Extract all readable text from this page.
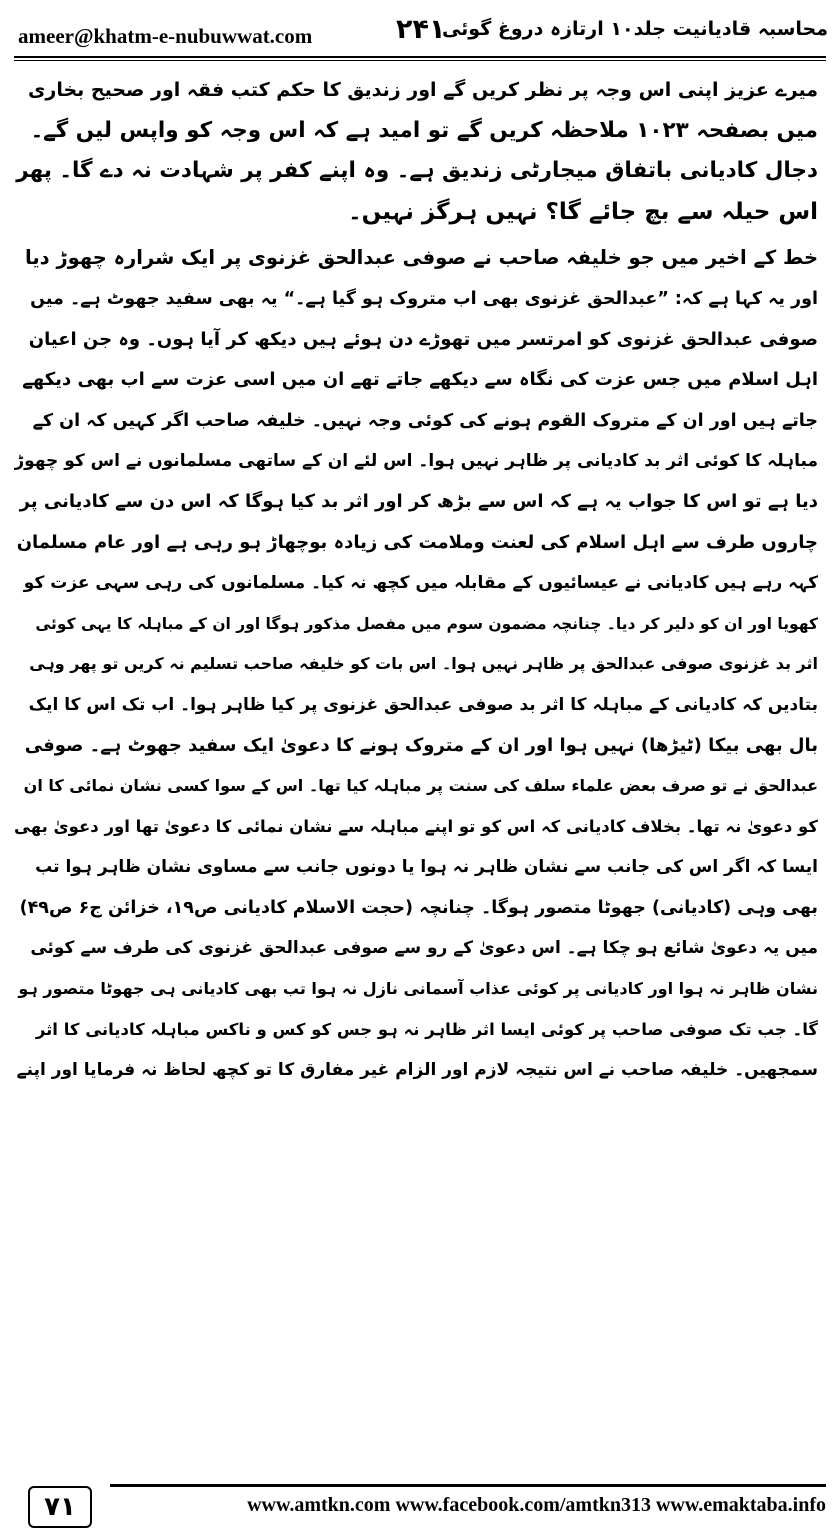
ameer@khatm-e-nubuwwat.com	۲۴۱
محاسبہ قادیانیت جلد۱۰ ارتازہ دروغ گوئی
میرے عزیز اپنی اس وجہ پر نظر کریں گے اور زندیق کا حکم کتب فقہ اور صحیح بخاری
میں بصفحہ ۱۰۲۳ ملاحظہ کریں گے تو امید ہے کہ اس وجہ کو واپس لیں گے۔
دجال کادیانی باتفاق میجارٹی زندیق ہے۔ وہ اپنے کفر پر شہادت نہ دے گا۔ پھر
اس حیلہ سے بچ جائے گا؟ نہیں ہرگز نہیں۔
خط کے اخیر میں جو خلیفہ صاحب نے صوفی عبدالحق غزنوی پر ایک شرارہ چھوڑ دیا
اور یہ کہا ہے کہ: ”عبدالحق غزنوی بھی اب متروک ہو گیا ہے۔“ یہ بھی سفید جھوٹ ہے۔ میں
صوفی عبدالحق غزنوی کو امرتسر میں تھوڑے دن ہوئے ہیں دیکھ کر آیا ہوں۔ وہ جن اعیان
اہل اسلام میں جس عزت کی نگاہ سے دیکھے جاتے تھے ان میں اسی عزت سے اب بھی دیکھے
جاتے ہیں اور ان کے متروک القوم ہونے کی کوئی وجہ نہیں۔ خلیفہ صاحب اگر کہیں کہ ان کے
مباہلہ کا کوئی اثر بد کادیانی پر ظاہر نہیں ہوا۔ اس لئے ان کے ساتھی مسلمانوں نے اس کو چھوڑ
دیا ہے تو اس کا جواب یہ ہے کہ اس سے بڑھ کر اور اثر بد کیا ہوگا کہ اس دن سے کادیانی پر
چاروں طرف سے اہل اسلام کی لعنت وملامت کی زیادہ بوچھاڑ ہو رہی ہے اور عام مسلمان
کہہ رہے ہیں کادیانی نے عیسائیوں کے مقابلہ میں کچھ نہ کیا۔ مسلمانوں کی رہی سہی عزت کو
کھویا اور ان کو دلیر کر دیا۔ چنانچہ مضمون سوم میں مفصل مذکور ہوگا اور ان کے مباہلہ کا یہی کوئی
اثر بد غزنوی صوفی عبدالحق پر ظاہر نہیں ہوا۔ اس بات کو خلیفہ صاحب تسلیم نہ کریں تو پھر وہی
بتادیں کہ کادیانی کے مباہلہ کا اثر بد صوفی عبدالحق غزنوی پر کیا ظاہر ہوا۔ اب تک اس کا ایک
بال بھی بیکا (ٹیڑھا) نہیں ہوا اور ان کے متروک ہونے کا دعویٰ ایک سفید جھوٹ ہے۔ صوفی
عبدالحق نے تو صرف بعض علماء سلف کی سنت پر مباہلہ کیا تھا۔ اس کے سوا کسی نشان نمائی کا ان
کو دعویٰ نہ تھا۔ بخلاف کادیانی کہ اس کو تو اپنے مباہلہ سے نشان نمائی کا دعویٰ تھا اور دعویٰ بھی
ایسا کہ اگر اس کی جانب سے نشان ظاہر نہ ہوا یا دونوں جانب سے مساوی نشان ظاہر ہوا تب
بھی وہی (کادیانی) جھوٹا متصور ہوگا۔ چنانچہ (حجت الاسلام کادیانی ص۱۹، خزائن ج۶ ص۴۹)
میں یہ دعویٰ شائع ہو چکا ہے۔ اس دعویٰ کے رو سے صوفی عبدالحق غزنوی کی طرف سے کوئی
نشان ظاہر نہ ہوا اور کادیانی پر کوئی عذاب آسمانی نازل نہ ہوا تب بھی کادیانی ہی جھوٹا متصور ہو
گا۔ جب تک صوفی صاحب پر کوئی ایسا اثر ظاہر نہ ہو جس کو کس و ناکس مباہلہ کادیانی کا اثر
سمجھیں۔ خلیفہ صاحب نے اس نتیجہ لازم اور الزام غیر مفارق کا تو کچھ لحاظ نہ فرمایا اور اپنے
۷۱	www.amtkn.com www.facebook.com/amtkn313 www.emaktaba.info
